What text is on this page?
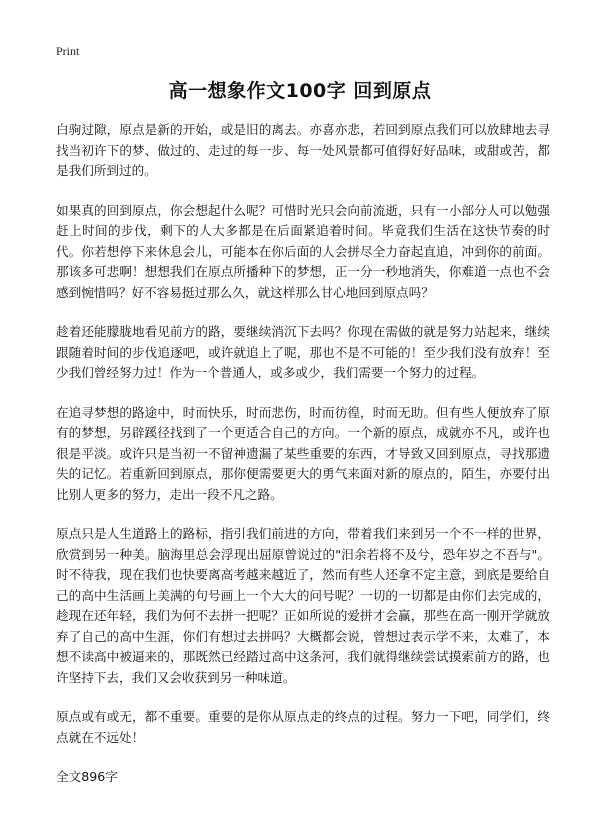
Print
高一想象作文100字 回到原点

白驹过隙，原点是新的开始，或是旧的离去。亦喜亦悲，若回到原点我们可以放肆地去寻找当初许下的梦、做过的、走过的每一步、每一处风景都可值得好好品味，或甜或苦，都是我们所到过的。

如果真的回到原点，你会想起什么呢？可惜时光只会向前流逝，只有一小部分人可以勉强赶上时间的步伐，剩下的人大多都是在后面紧追着时间。毕竟我们生活在这快节奏的时代。你若想停下来休息会儿，可能本在你后面的人会拼尽全力奋起直追，冲到你的前面。那该多可悲啊！想想我们在原点所播种下的梦想，正一分一秒地消失，你难道一点也不会感到惋惜吗？好不容易挺过那么久，就这样那么甘心地回到原点吗？

趁着还能朦胧地看见前方的路，要继续消沉下去吗？你现在需做的就是努力站起来，继续跟随着时间的步伐追逐吧，或许就追上了呢，那也不是不可能的！至少我们没有放弃！至少我们曾经努力过！作为一个普通人，或多或少，我们需要一个努力的过程。

在追寻梦想的路途中，时而快乐，时而悲伤，时而彷徨，时而无助。但有些人便放弃了原有的梦想，另辟蹊径找到了一个更适合自己的方向。一个新的原点，成就亦不凡，或许也很是平淡。或许只是当初一不留神遗漏了某些重要的东西，才导致又回到原点，寻找那遗失的记忆。若重新回到原点，那你便需要更大的勇气来面对新的原点的，陌生，亦要付出比别人更多的努力，走出一段不凡之路。

原点只是人生道路上的路标，指引我们前进的方向，带着我们来到另一个不一样的世界，欣赏到另一种美。脑海里总会浮现出屈原曾说过的"汨余若将不及兮，恐年岁之不吾与"。时不待我，现在我们也快要离高考越来越近了，然而有些人还拿不定主意，到底是要给自己的高中生活画上美满的句号画上一个大大的问号呢？一切的一切都是由你们去完成的，趁现在还年轻，我们为何不去拼一把呢？正如所说的爱拼才会赢，那些在高一刚开学就放弃了自己的高中生涯，你们有想过去拼吗？大概都会说，曾想过表示学不来，太难了，本想不读高中被逼来的，那既然已经踏过高中这条河，我们就得继续尝试摸索前方的路，也许坚持下去，我们又会收获到另一种味道。

原点或有或无，都不重要。重要的是你从原点走的终点的过程。努力一下吧，同学们，终点就在不远处！

全文896字
